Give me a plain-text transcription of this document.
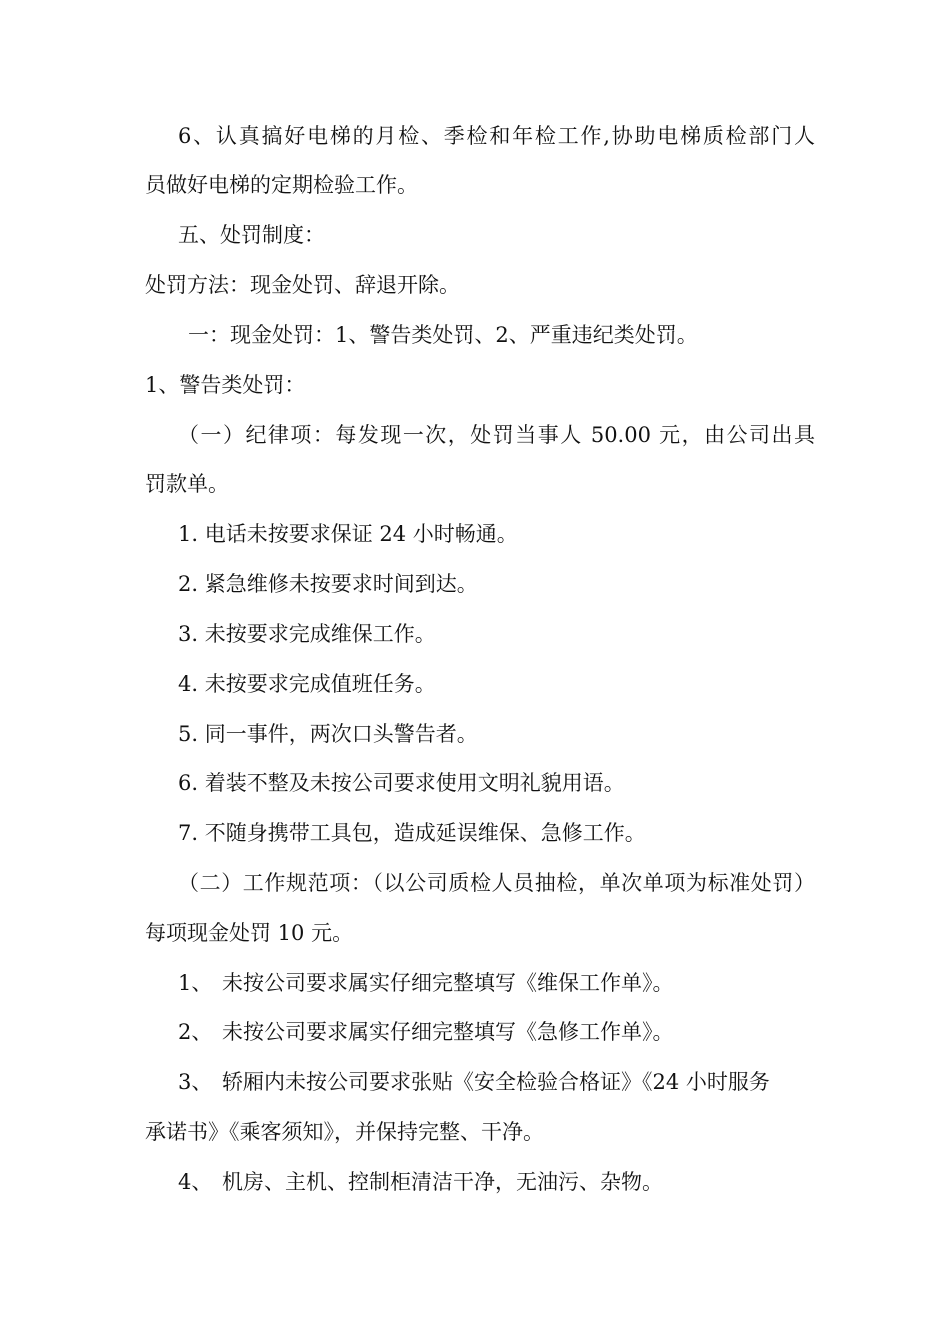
6、认真搞好电梯的月检、季检和年检工作,协助电梯质检部门人
员做好电梯的定期检验工作。
五、处罚制度：
处罚方法：现金处罚、辞退开除。
一：现金处罚：1、警告类处罚、2、严重违纪类处罚。
1、警告类处罚：
（一）纪律项：每发现一次，处罚当事人 50.00 元，由公司出具
罚款单。
1. 电话未按要求保证 24 小时畅通。
2. 紧急维修未按要求时间到达。
3. 未按要求完成维保工作。
4. 未按要求完成值班任务。
5. 同一事件，两次口头警告者。
6. 着装不整及未按公司要求使用文明礼貌用语。
7. 不随身携带工具包，造成延误维保、急修工作。
（二）工作规范项：（以公司质检人员抽检，单次单项为标准处罚）
每项现金处罚 10 元。
1、 未按公司要求属实仔细完整填写《维保工作单》。
2、 未按公司要求属实仔细完整填写《急修工作单》。
3、 轿厢内未按公司要求张贴《安全检验合格证》《24 小时服务
承诺书》《乘客须知》，并保持完整、干净。
4、 机房、主机、控制柜清洁干净，无油污、杂物。
